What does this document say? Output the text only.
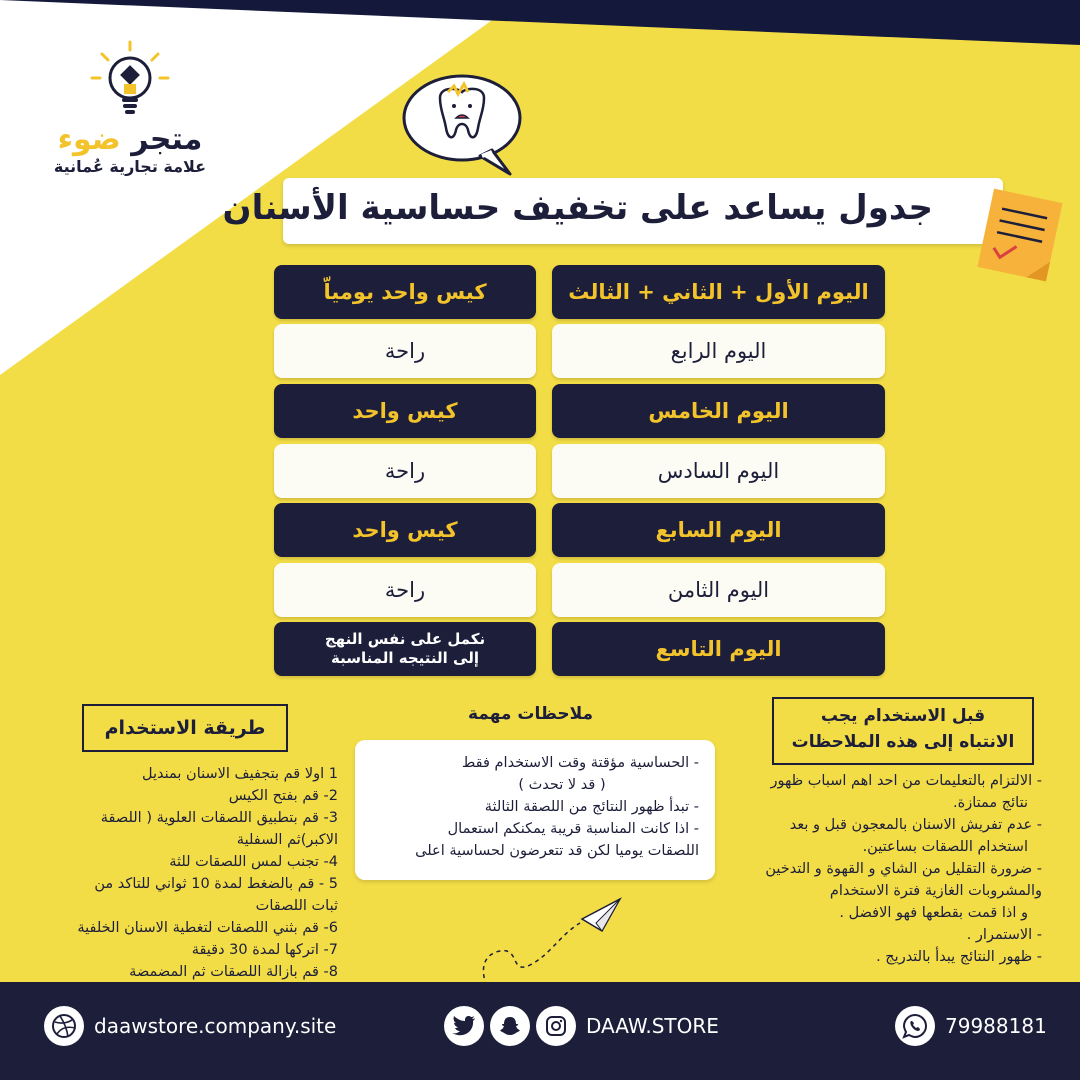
متجر ضوء
علامة تجارية عُمانية
جدول يساعد على تخفيف حساسية الأسنان
اليوم الأول + الثاني + الثالث
كيس واحد يومياّ
اليوم الرابع
راحة
اليوم الخامس
كيس واحد
اليوم السادس
راحة
اليوم السابع
كيس واحد
اليوم الثامن
راحة
اليوم التاسع
نكمل على نفس النهج
إلى النتيجه المناسبة
طريقة الاستخدام
1 اولا قم بتجفيف الاسنان بمنديل
2- قم بفتح الكيس
3- قم بتطبيق اللصقات العلوية ( اللصقة
الاكبر)ثم السفلية
4- تجنب لمس اللصقات للثة
5 - قم بالضغط لمدة 10 ثواني للتاكد من
ثبات اللصقات
6- قم بثني اللصقات لتغطية الاسنان الخلفية
7- اتركها لمدة 30 دقيقة
8- قم بازالة اللصقات ثم المضمضة
ملاحظات مهمة
- الحساسية مؤقتة وقت الاستخدام فقط
( قد لا تحدث )
- تبدأ ظهور النتائج من اللصقة الثالثة
- اذا كانت المناسبة قريبة يمكنكم استعمال
اللصقات يوميا لكن قد تتعرضون لحساسية اعلى
قبل الاستخدام يجب
الانتباه إلى هذه الملاحظات
- الالتزام بالتعليمات من احد اهم اسباب ظهور
نتائج ممتازة.
- عدم تفريش الاسنان بالمعجون قبل و بعد
استخدام اللصقات بساعتين.
- ضرورة التقليل من الشاي و القهوة و التدخين
والمشروبات الغازية فترة الاستخدام
و اذا قمت بقطعها فهو الافضل .
- الاستمرار .
- ظهور النتائج يبدأ بالتدريج .
daawstore.company.site	DAAW.STORE	79988181
